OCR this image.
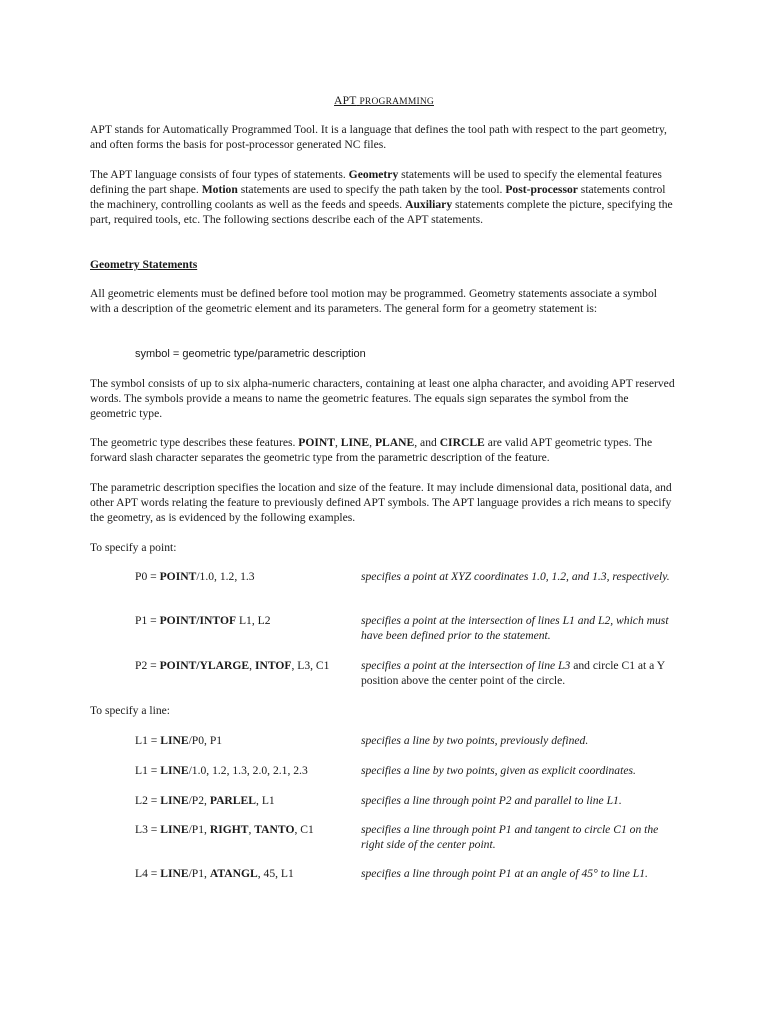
APT PROGRAMMING

APT stands for Automatically Programmed Tool. It is a language that defines the tool path with respect to the part geometry, and often forms the basis for post-processor generated NC files.

The APT language consists of four types of statements. Geometry statements will be used to specify the elemental features defining the part shape. Motion statements are used to specify the path taken by the tool. Post-processor statements control the machinery, controlling coolants as well as the feeds and speeds. Auxiliary statements complete the picture, specifying the part, required tools, etc. The following sections describe each of the APT statements.

Geometry Statements

All geometric elements must be defined before tool motion may be programmed. Geometry statements associate a symbol with a description of the geometric element and its parameters. The general form for a geometry statement is:

symbol = geometric type/parametric description

The symbol consists of up to six alpha-numeric characters, containing at least one alpha character, and avoiding APT reserved words. The symbols provide a means to name the geometric features. The equals sign separates the symbol from the geometric type.

The geometric type describes these features. POINT, LINE, PLANE, and CIRCLE are valid APT geometric types. The forward slash character separates the geometric type from the parametric description of the feature.

The parametric description specifies the location and size of the feature. It may include dimensional data, positional data, and other APT words relating the feature to previously defined APT symbols. The APT language provides a rich means to specify the geometry, as is evidenced by the following examples.

To specify a point:
P0 = POINT/1.0, 1.2, 1.3	specifies a point at XYZ coordinates 1.0, 1.2, and 1.3, respectively.
P1 = POINT/INTOF L1, L2	specifies a point at the intersection of lines L1 and L2, which must have been defined prior to the statement.
P2 = POINT/YLARGE, INTOF, L3, C1	specifies a point at the intersection of line L3 and circle C1 at a Y position above the center point of the circle.
To specify a line:
L1 = LINE/P0, P1	specifies a line by two points, previously defined.
L1 = LINE/1.0, 1.2, 1.3, 2.0, 2.1, 2.3	specifies a line by two points, given as explicit coordinates.
L2 = LINE/P2, PARLEL, L1	specifies a line through point P2 and parallel to line L1.
L3 = LINE/P1, RIGHT, TANTO, C1	specifies a line through point P1 and tangent to circle C1 on the right side of the center point.
L4 = LINE/P1, ATANGL, 45, L1	specifies a line through point P1 at an angle of 45° to line L1.
